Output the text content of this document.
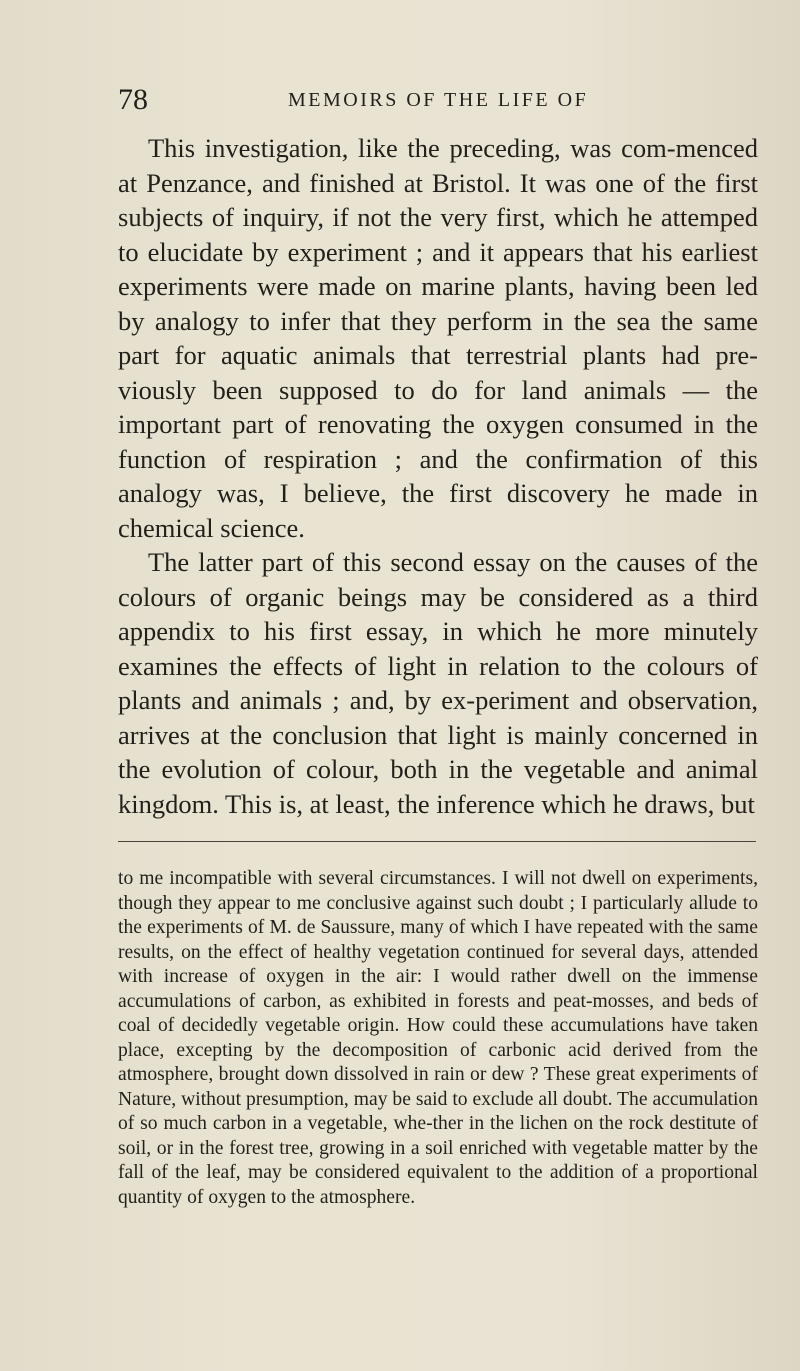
78	MEMOIRS OF THE LIFE OF

This investigation, like the preceding, was com-menced at Penzance, and finished at Bristol. It was one of the first subjects of inquiry, if not the very first, which he attemped to elucidate by experiment ; and it appears that his earliest experiments were made on marine plants, having been led by analogy to infer that they perform in the sea the same part for aquatic animals that terrestrial plants had pre-viously been supposed to do for land animals — the important part of renovating the oxygen consumed in the function of respiration ; and the confirmation of this analogy was, I believe, the first discovery he made in chemical science.

The latter part of this second essay on the causes of the colours of organic beings may be considered as a third appendix to his first essay, in which he more minutely examines the effects of light in relation to the colours of plants and animals ; and, by ex-periment and observation, arrives at the conclusion that light is mainly concerned in the evolution of colour, both in the vegetable and animal kingdom. This is, at least, the inference which he draws, but

to me incompatible with several circumstances. I will not dwell on experiments, though they appear to me conclusive against such doubt ; I particularly allude to the experiments of M. de Saussure, many of which I have repeated with the same results, on the effect of healthy vegetation continued for several days, attended with increase of oxygen in the air: I would rather dwell on the immense accumulations of carbon, as exhibited in forests and peat-mosses, and beds of coal of decidedly vegetable origin. How could these accumulations have taken place, excepting by the decomposition of carbonic acid derived from the atmosphere, brought down dissolved in rain or dew ? These great experiments of Nature, without presumption, may be said to exclude all doubt. The accumulation of so much carbon in a vegetable, whe-ther in the lichen on the rock destitute of soil, or in the forest tree, growing in a soil enriched with vegetable matter by the fall of the leaf, may be considered equivalent to the addition of a proportional quantity of oxygen to the atmosphere.
